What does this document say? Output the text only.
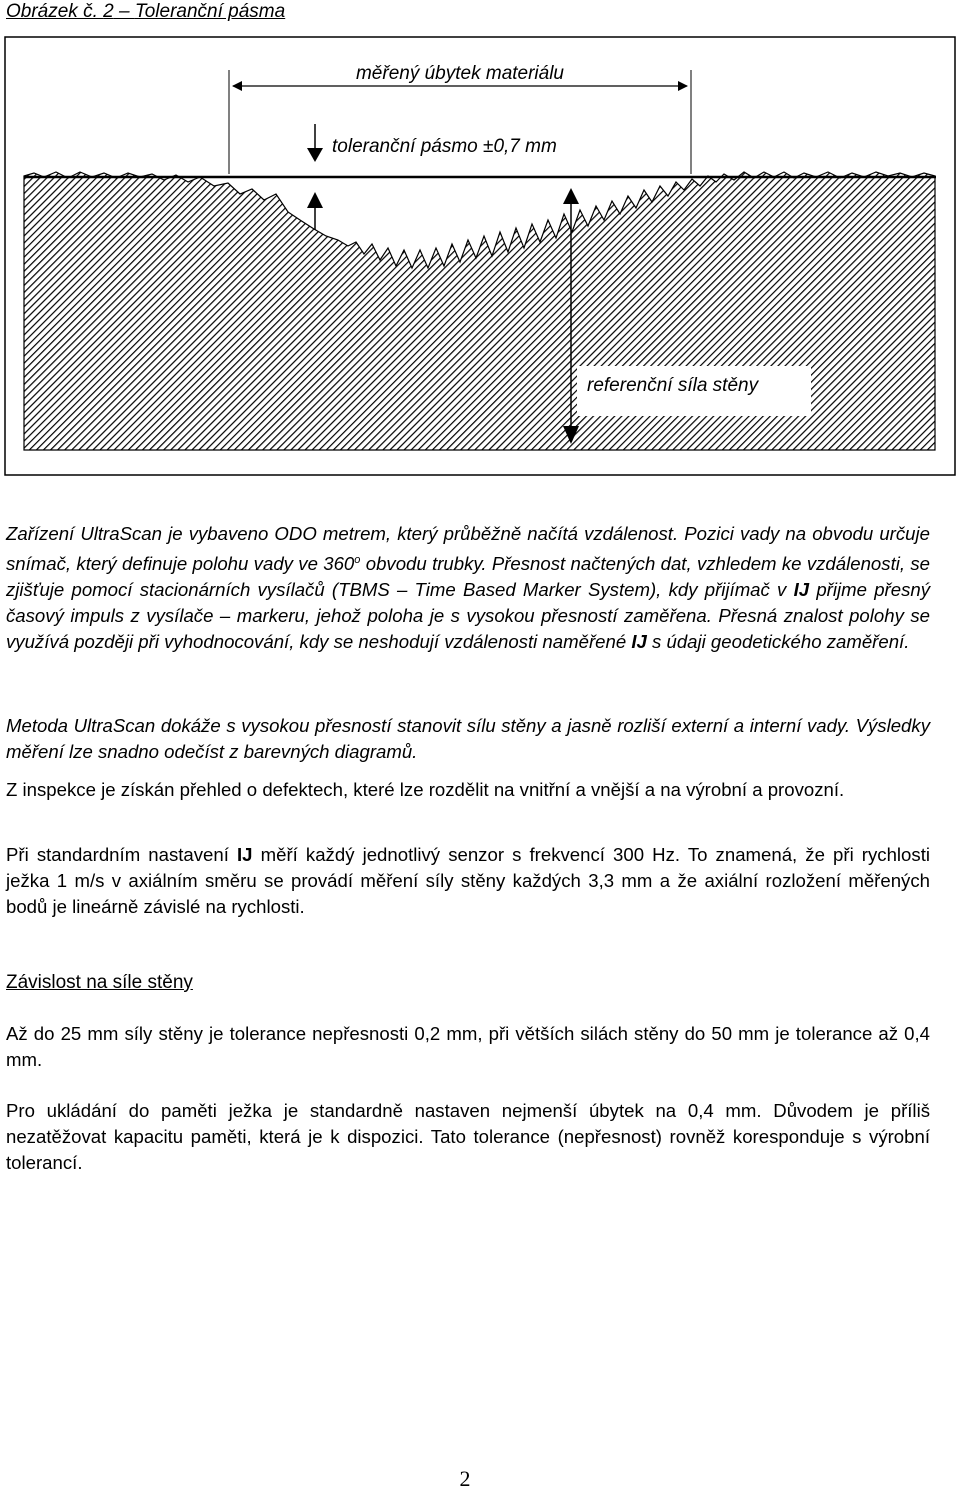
Obrázek č. 2 – Toleranční pásma
měřený úbytek materiálu
toleranční pásmo ±0,7 mm
referenční síla stěny

Zařízení UltraScan je vybaveno ODO metrem, který průběžně načítá vzdálenost. Pozici vady na obvodu určuje snímač, který definuje polohu vady ve 360$^o$ obvodu trubky. Přesnost načtených dat, vzhledem ke vzdálenosti, se zjišťuje pomocí stacionárních vysílačů (TBMS – Time Based Marker System), kdy přijímač v IJ přijme přesný časový impuls z vysílače – markeru, jehož poloha je s vysokou přesností zaměřena. Přesná znalost polohy se využívá později při vyhodnocování, kdy se neshodují vzdálenosti naměřené IJ s údaji geodetického zaměření.

Metoda UltraScan dokáže s vysokou přesností stanovit sílu stěny a jasně rozliší externí a interní vady. Výsledky měření lze snadno odečíst z barevných diagramů.

Z inspekce je získán přehled o defektech, které lze rozdělit na vnitřní a vnější a na výrobní a provozní.

Při standardním nastavení IJ měří každý jednotlivý senzor s frekvencí 300 Hz. To znamená, že při rychlosti ježka 1 m/s v axiálním směru se provádí měření síly stěny každých 3,3 mm a že axiální rozložení měřených bodů je lineárně závislé na rychlosti.

Závislost na síle stěny

Až do 25 mm síly stěny je tolerance nepřesnosti 0,2 mm, při větších silách stěny do 50 mm je tolerance až 0,4 mm.

Pro ukládání do paměti ježka je standardně nastaven nejmenší úbytek na 0,4 mm. Důvodem je příliš nezatěžovat kapacitu paměti, která je k dispozici. Tato tolerance (nepřesnost) rovněž koresponduje s výrobní tolerancí.

2
